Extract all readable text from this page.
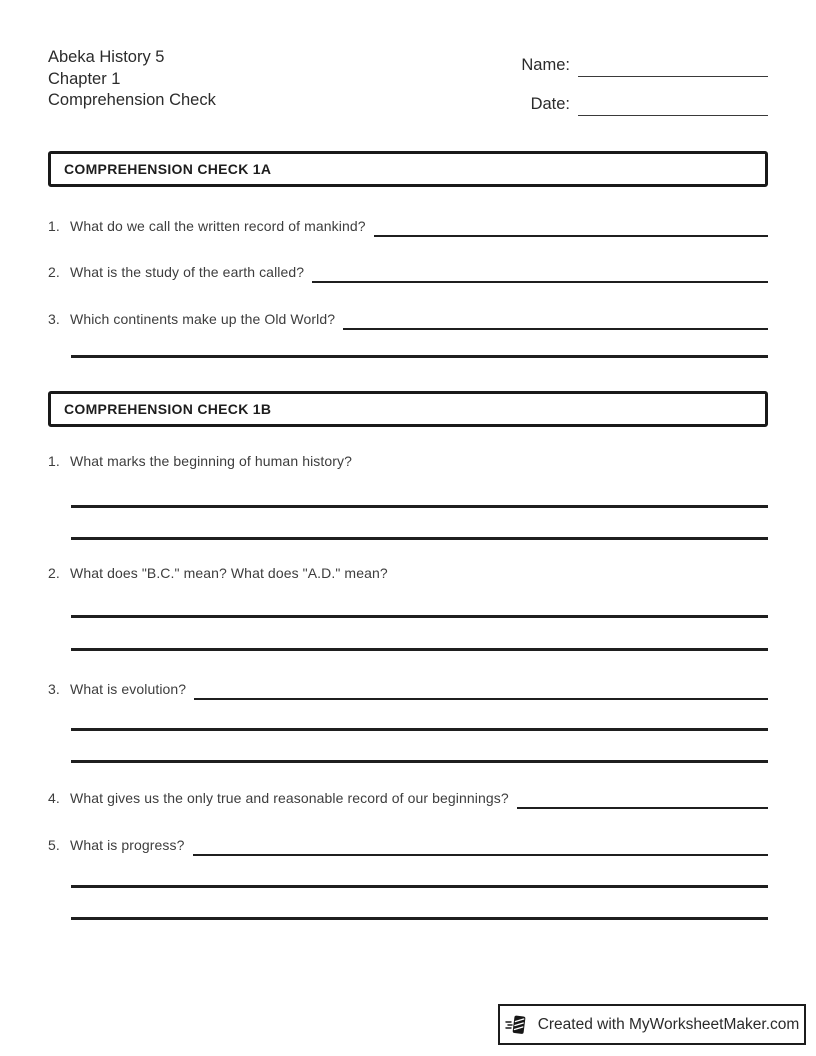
Abeka History 5
Chapter 1
Comprehension Check
Name:
Date:
COMPREHENSION CHECK 1A
1. What do we call the written record of mankind?
2. What is the study of the earth called?
3. Which continents make up the Old World?
COMPREHENSION CHECK 1B
1. What marks the beginning of human history?
2. What does "B.C." mean? What does "A.D." mean?
3. What is evolution?
4. What gives us the only true and reasonable record of our beginnings?
5. What is progress?
Created with MyWorksheetMaker.com
